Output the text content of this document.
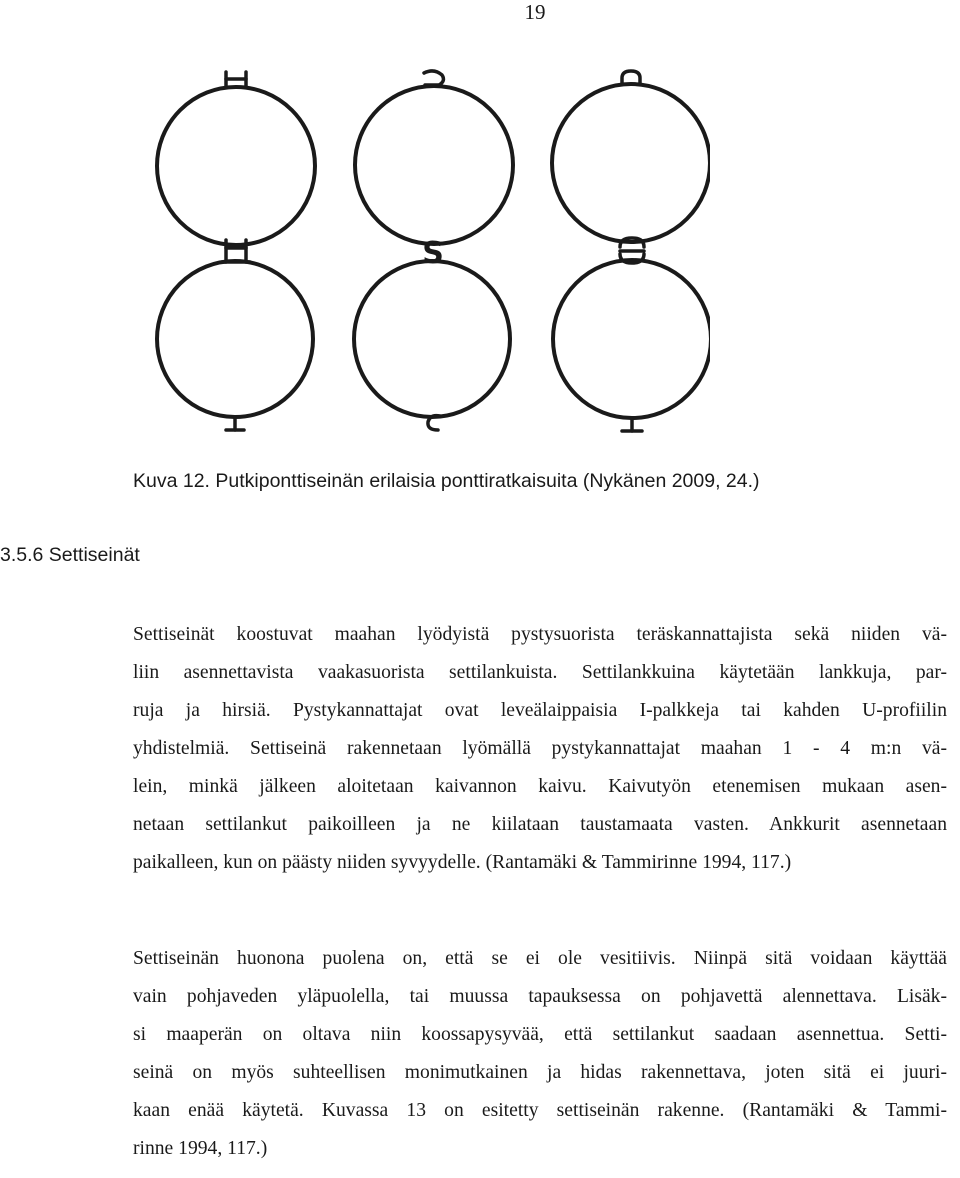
19
S
Kuva 12. Putkiponttiseinän erilaisia ponttiratkaisuita (Nykänen 2009, 24.)
3.5.6 Settiseinät

Settiseinät koostuvat maahan lyödyistä pystysuorista teräskannattajista sekä niiden vä-
liin asennettavista vaakasuorista settilankuista. Settilankkuina käytetään lankkuja, par-
ruja ja hirsiä. Pystykannattajat ovat leveälaippaisia I-palkkeja tai kahden U-profiilin
yhdistelmiä. Settiseinä rakennetaan lyömällä pystykannattajat maahan 1 - 4 m:n vä-
lein, minkä jälkeen aloitetaan kaivannon kaivu. Kaivutyön etenemisen mukaan asen-
netaan settilankut paikoilleen ja ne kiilataan taustamaata vasten. Ankkurit asennetaan
paikalleen, kun on päästy niiden syvyydelle. (Rantamäki & Tammirinne 1994, 117.)

Settiseinän huonona puolena on, että se ei ole vesitiivis. Niinpä sitä voidaan käyttää
vain pohjaveden yläpuolella, tai muussa tapauksessa on pohjavettä alennettava. Lisäk-
si maaperän on oltava niin koossapysyvää, että settilankut saadaan asennettua. Setti-
seinä on myös suhteellisen monimutkainen ja hidas rakennettava, joten sitä ei juuri-
kaan enää käytetä. Kuvassa 13 on esitetty settiseinän rakenne. (Rantamäki & Tammi-
rinne 1994, 117.)
